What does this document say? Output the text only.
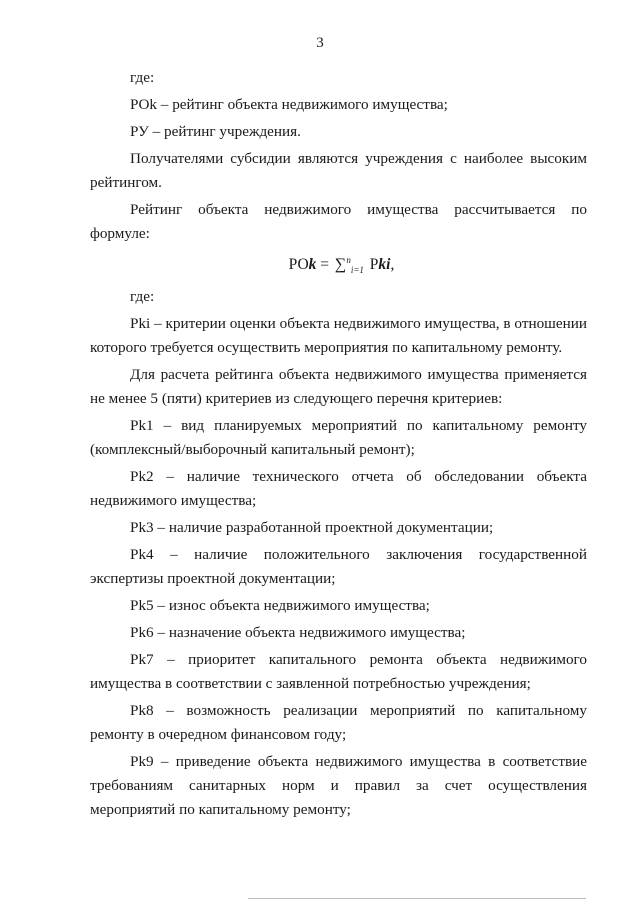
3

где:

POk – рейтинг объекта недвижимого имущества;

РУ – рейтинг учреждения.

Получателями субсидии являются учреждения с наиболее высоким рейтингом.

Рейтинг объекта недвижимого имущества рассчитывается по формуле:

РОk = ∑$^n_{i=1}$ Рki,

где:

Pki – критерии оценки объекта недвижимого имущества, в отношении которого требуется осуществить мероприятия по капитальному ремонту.

Для расчета рейтинга объекта недвижимого имущества применяется не менее 5 (пяти) критериев из следующего перечня критериев:

Рk1 – вид планируемых мероприятий по капитальному ремонту (комплексный/выборочный капитальный ремонт);

Рk2 – наличие технического отчета об обследовании объекта недвижимого имущества;

Рk3 – наличие разработанной проектной документации;

Рk4 – наличие положительного заключения государственной экспертизы проектной документации;

Рk5 – износ объекта недвижимого имущества;

Рk6 – назначение объекта недвижимого имущества;

Рk7 – приоритет капитального ремонта объекта недвижимого имущества в соответствии с заявленной потребностью учреждения;

Рk8 – возможность реализации мероприятий по капитальному ремонту в очередном финансовом году;

Рk9 – приведение объекта недвижимого имущества в соответствие требованиям санитарных норм и правил за счет осуществления мероприятий по капитальному ремонту;
